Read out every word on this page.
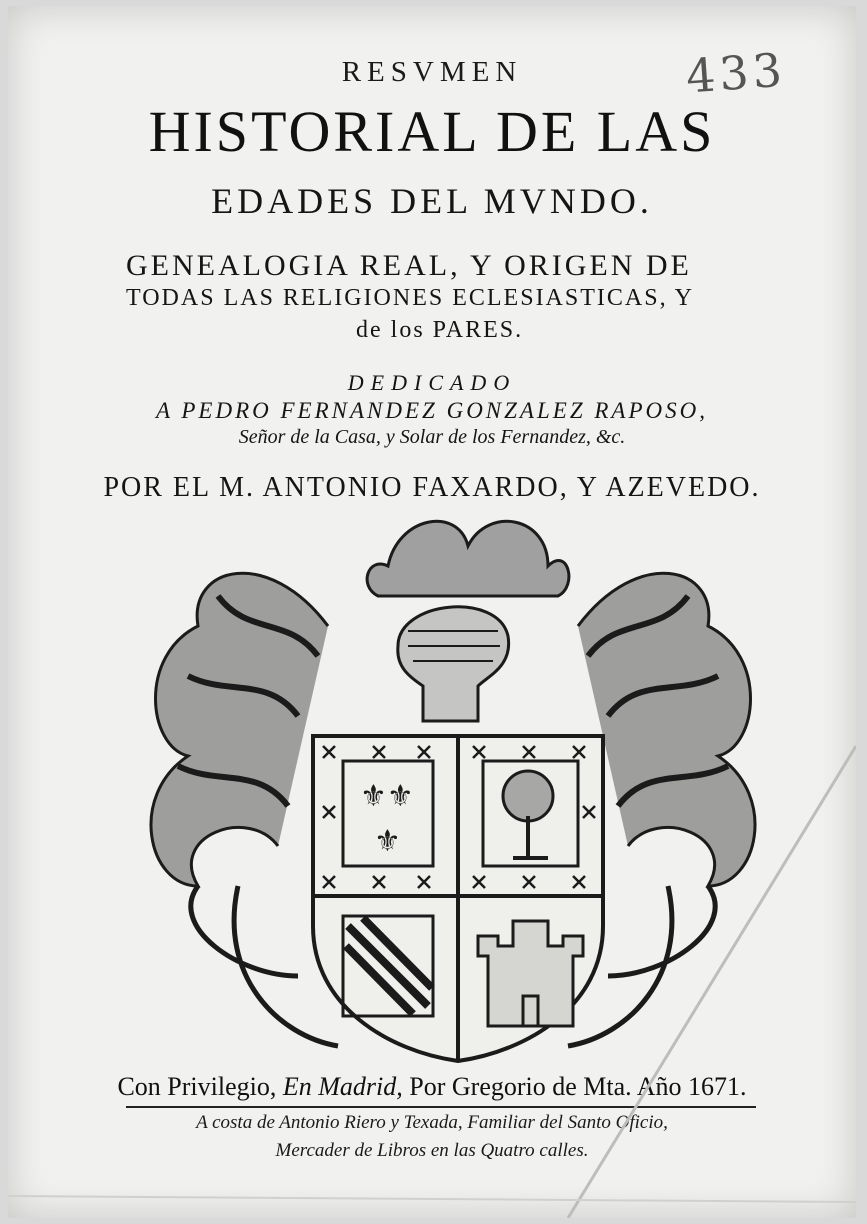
433
RESVMEN
HISTORIAL DE LAS
EDADES DEL MVNDO.
GENEALOGIA REAL, Y ORIGEN DE
TODAS LAS RELIGIONES ECLESIASTICAS, Y
de los PARES.
DEDICADO
A PEDRO FERNANDEZ GONZALEZ RAPOSO,
Señor de la Casa, y Solar de los Fernandez, &c.
POR EL M. ANTONIO FAXARDO, Y AZEVEDO.
⚜⚜
⚜
Con Privilegio, En Madrid, Por Gregorio de Mta. Año 1671.
A costa de Antonio Riero y Texada, Familiar del Santo Oficio,
Mercader de Libros en las Quatro calles.
